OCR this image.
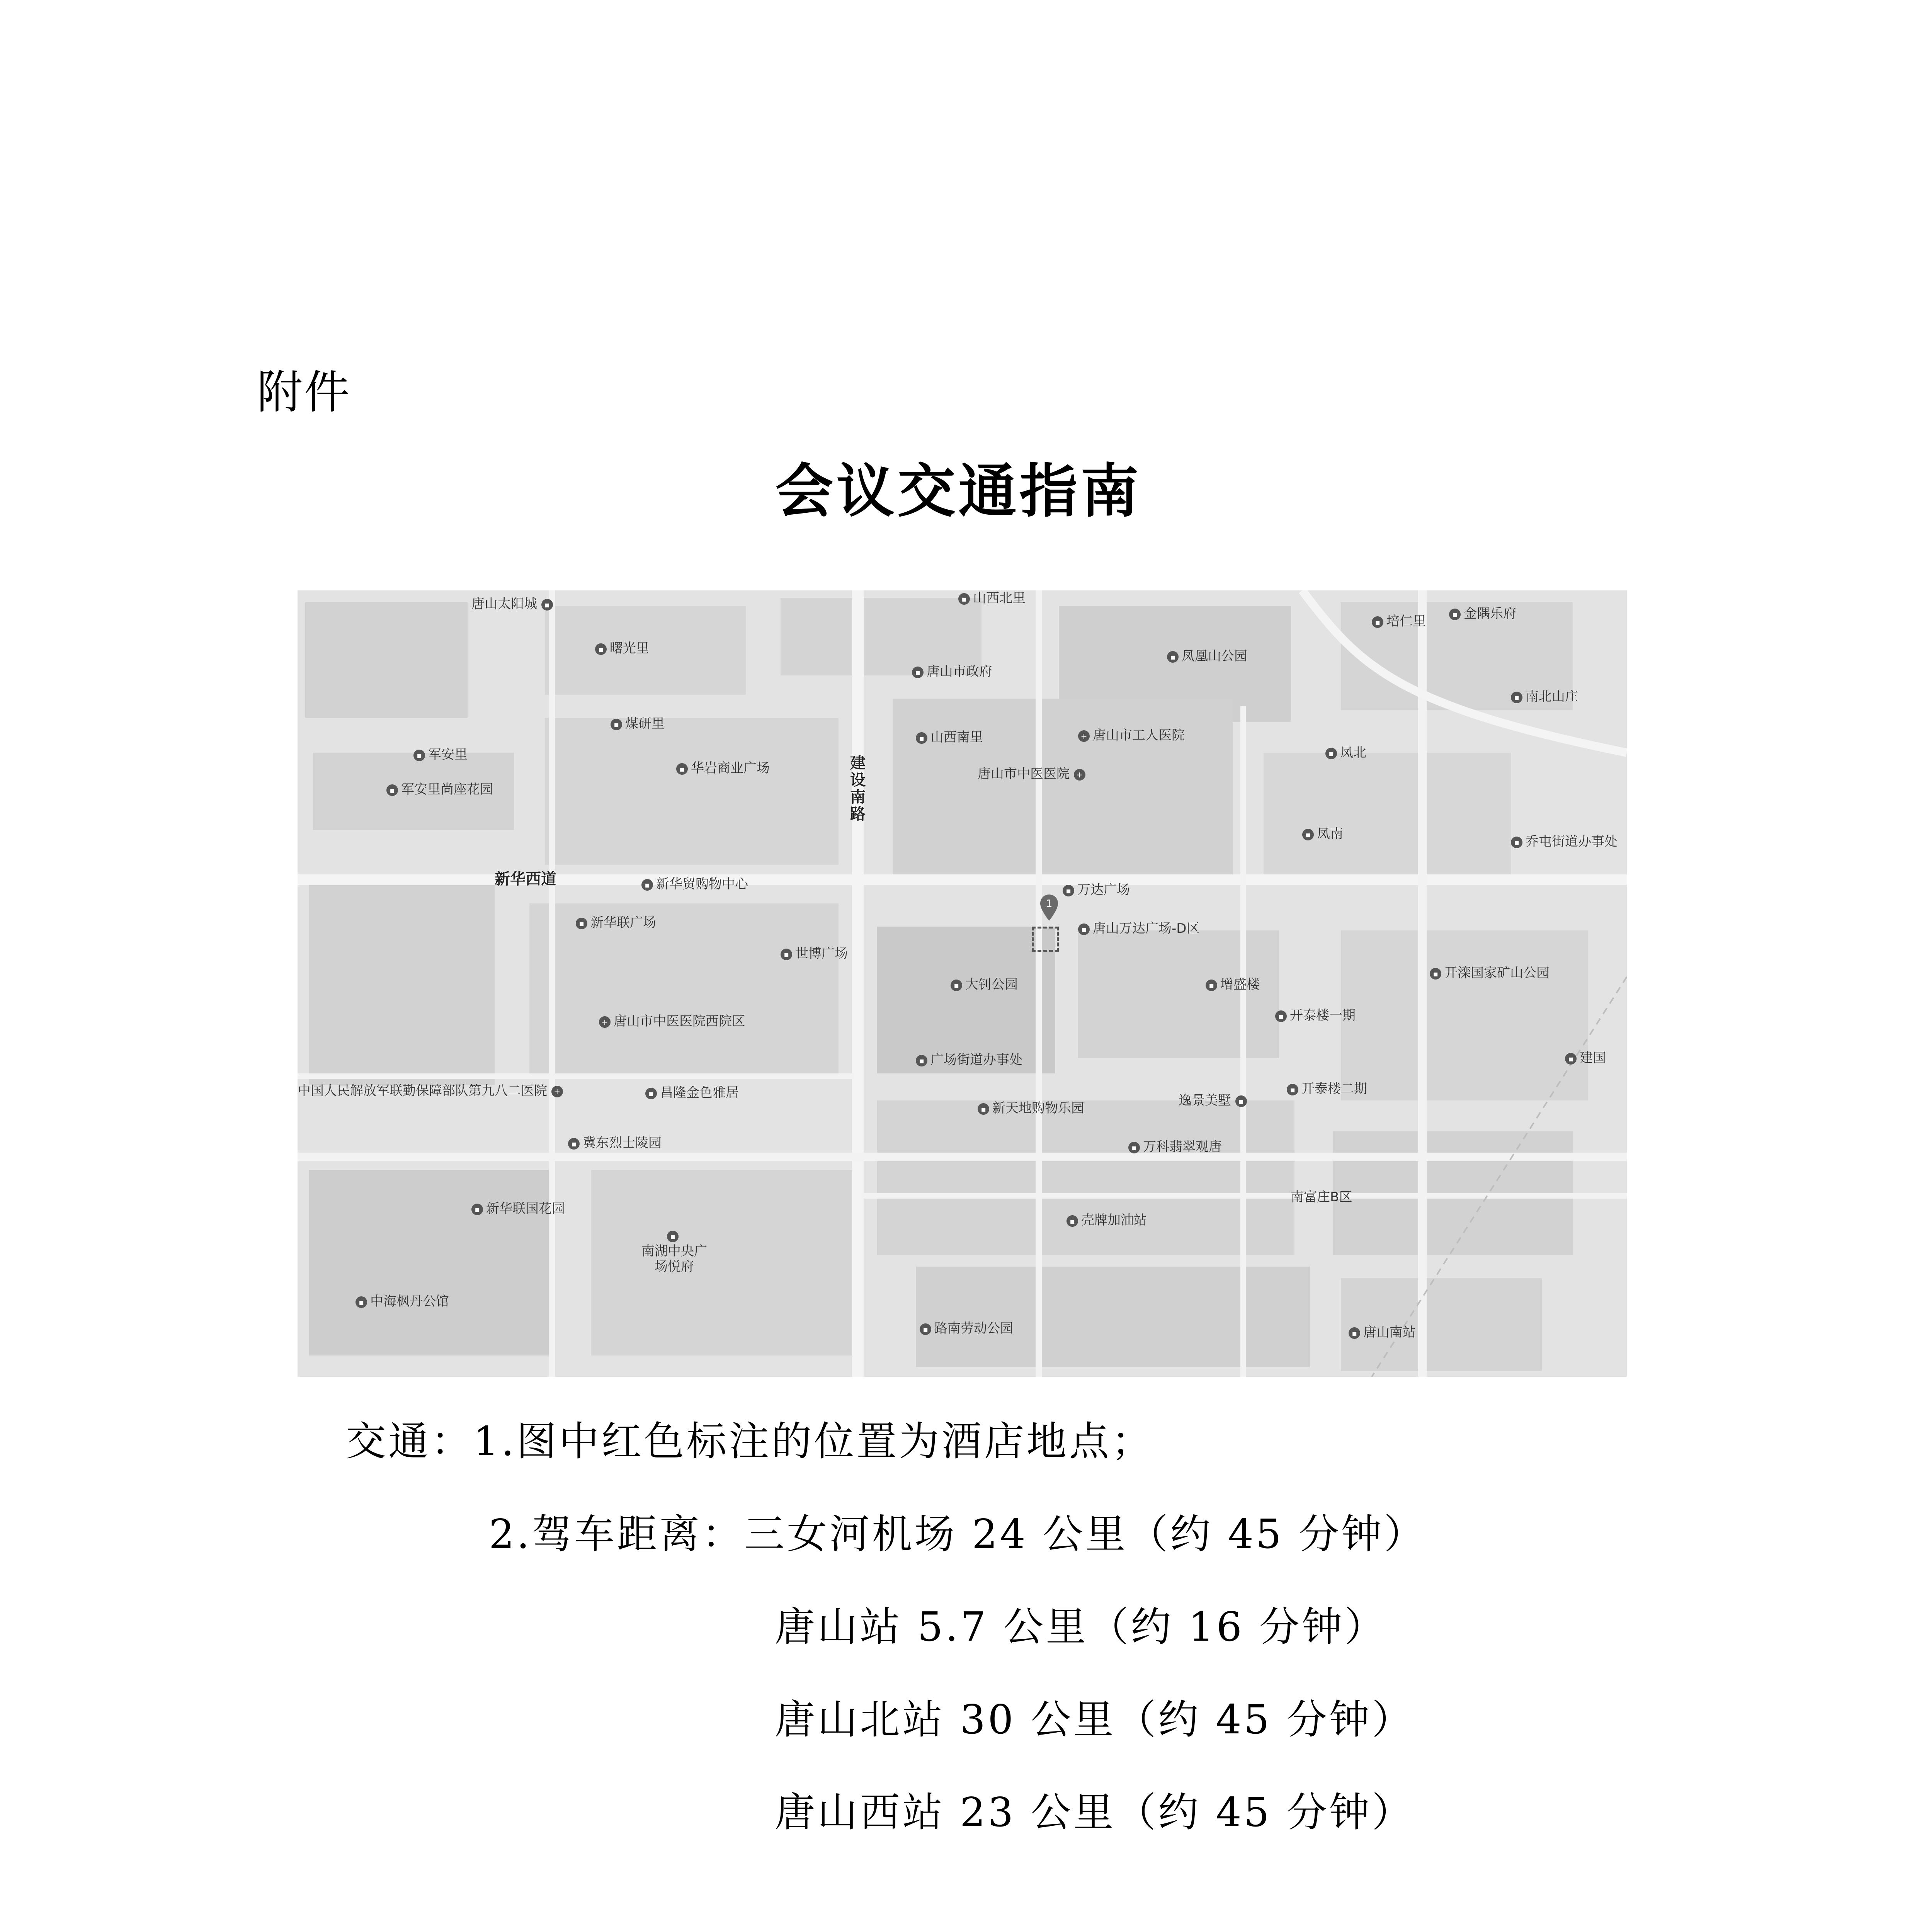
附件
会议交通指南
新华西道
建设南路
1
唐山太阳城 ▪
▪ 曙光里
▪ 煤研里
▪ 军安里
▪ 军安里尚座花园
▪ 华岩商业广场
▪ 山西北里
▪ 唐山市政府
▪ 山西南里	+ 唐山市工人医院
唐山市中医医院 +
▪ 凤凰山公园
▪ 培仁里	▪ 金隅乐府
▪ 南北山庄
▪ 凤北
▪ 凤南
▪ 乔屯街道办事处
▪ 新华贸购物中心
▪ 新华联广场
▪ 世博广场
▪ 万达广场
▪ 唐山万达广场-D区
▪ 大钊公园	▪ 增盛楼
▪ 开泰楼一期
▪ 开滦国家矿山公园
+ 唐山市中医医院西院区
中国人民解放军联勤保障部队第九八二医院 +	▪ 昌隆金色雅居
▪ 广场街道办事处
逸景美墅 ▪
▪ 开泰楼二期
▪ 建国
▪ 新天地购物乐园
▪ 万科翡翠观唐
▪ 冀东烈士陵园
▪ 新华联国花园
▪
南湖中央广场悦府
▪ 壳牌加油站
南富庄B区
▪ 中海枫丹公馆
▪ 路南劳动公园	▪ 唐山南站
交通：1.图中红色标注的位置为酒店地点；
2.驾车距离：三女河机场 24 公里（约 45 分钟）
唐山站 5.7 公里（约 16 分钟）
唐山北站 30 公里（约 45 分钟）
唐山西站 23 公里（约 45 分钟）
